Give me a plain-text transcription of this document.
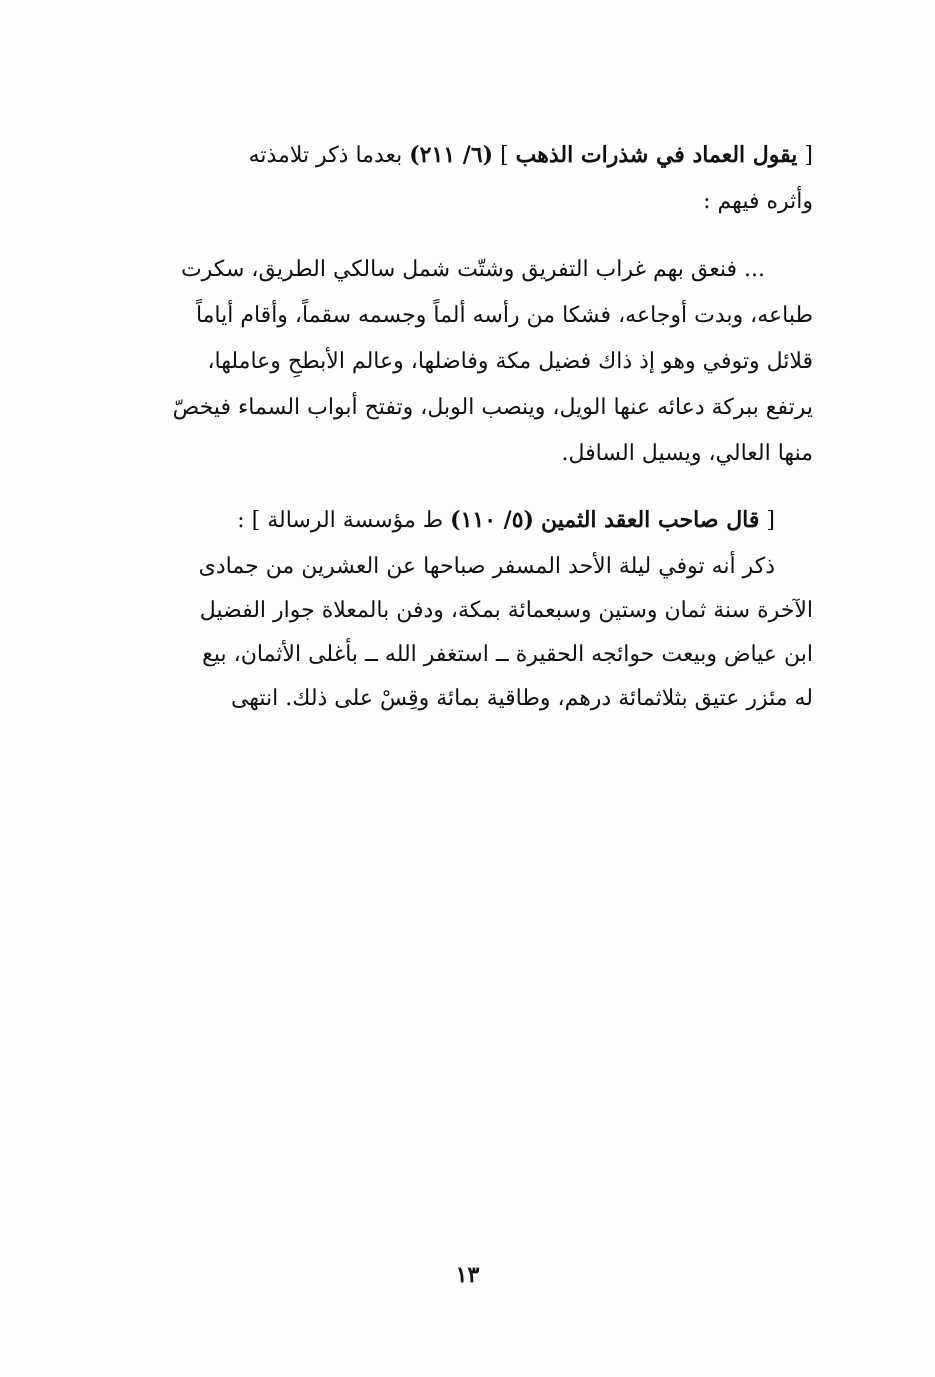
[ يقول العماد في شذرات الذهب ] (٦/ ٢١١) بعدما ذكر تلامذته
وأثره فيهم :
... فنعق بهم غراب التفريق وشتّت شمل سالكي الطريق، سكرت
طباعه، وبدت أوجاعه، فشكا من رأسه ألماً وجسمه سقماً، وأقام أياماً
قلائل وتوفي وهو إذ ذاك فضيل مكة وفاضلها، وعالم الأبطحِ وعاملها،
يرتفع ببركة دعائه عنها الويل، وينصب الوبل، وتفتح أبواب السماء فيخصّ
منها العالي، ويسيل السافل.
[ قال صاحب العقد الثمين (٥/ ١١٠) ط مؤسسة الرسالة ] :
ذكر أنه توفي ليلة الأحد المسفر صباحها عن العشرين من جمادى
الآخرة سنة ثمان وستين وسبعمائة بمكة، ودفن بالمعلاة جوار الفضيل
ابن عياض وبيعت حوائجه الحقيرة ــ استغفر الله ــ بأغلى الأثمان، بيع
له مئزر عتيق بثلاثمائة درهم، وطاقية بمائة وقِسْ على ذلك. انتهى
١٣
